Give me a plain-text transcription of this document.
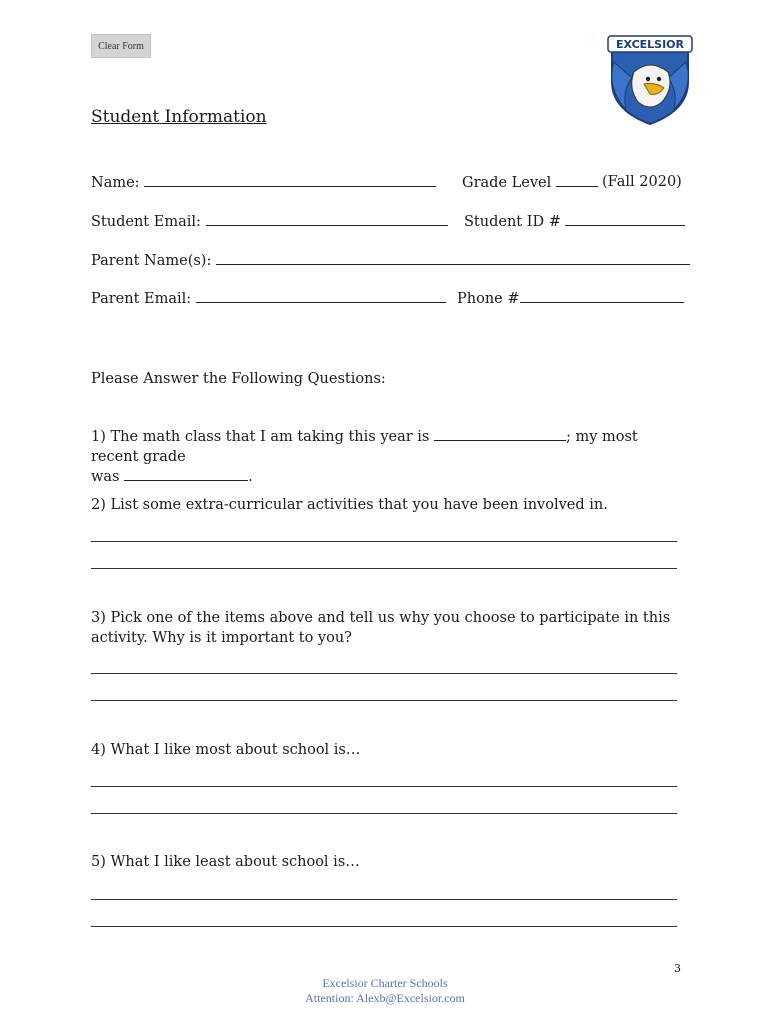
Clear Form	EXCELSIOR
Student Information
Name:	Grade Level	(Fall 2020)
Student Email:	Student ID #
Parent Name(s):
Parent Email:	Phone #
Please Answer the Following Questions:
1) The math class that I am taking this year is	; my most recent grade
was	.
2) List some extra-curricular activities that you have been involved in.
3) Pick one of the items above and tell us why you choose to participate in this activity. Why is it important to you?
4) What I like most about school is…
5) What I like least about school is…
3
Excelsior Charter Schools
Attention: Alexb@Excelsior.com
